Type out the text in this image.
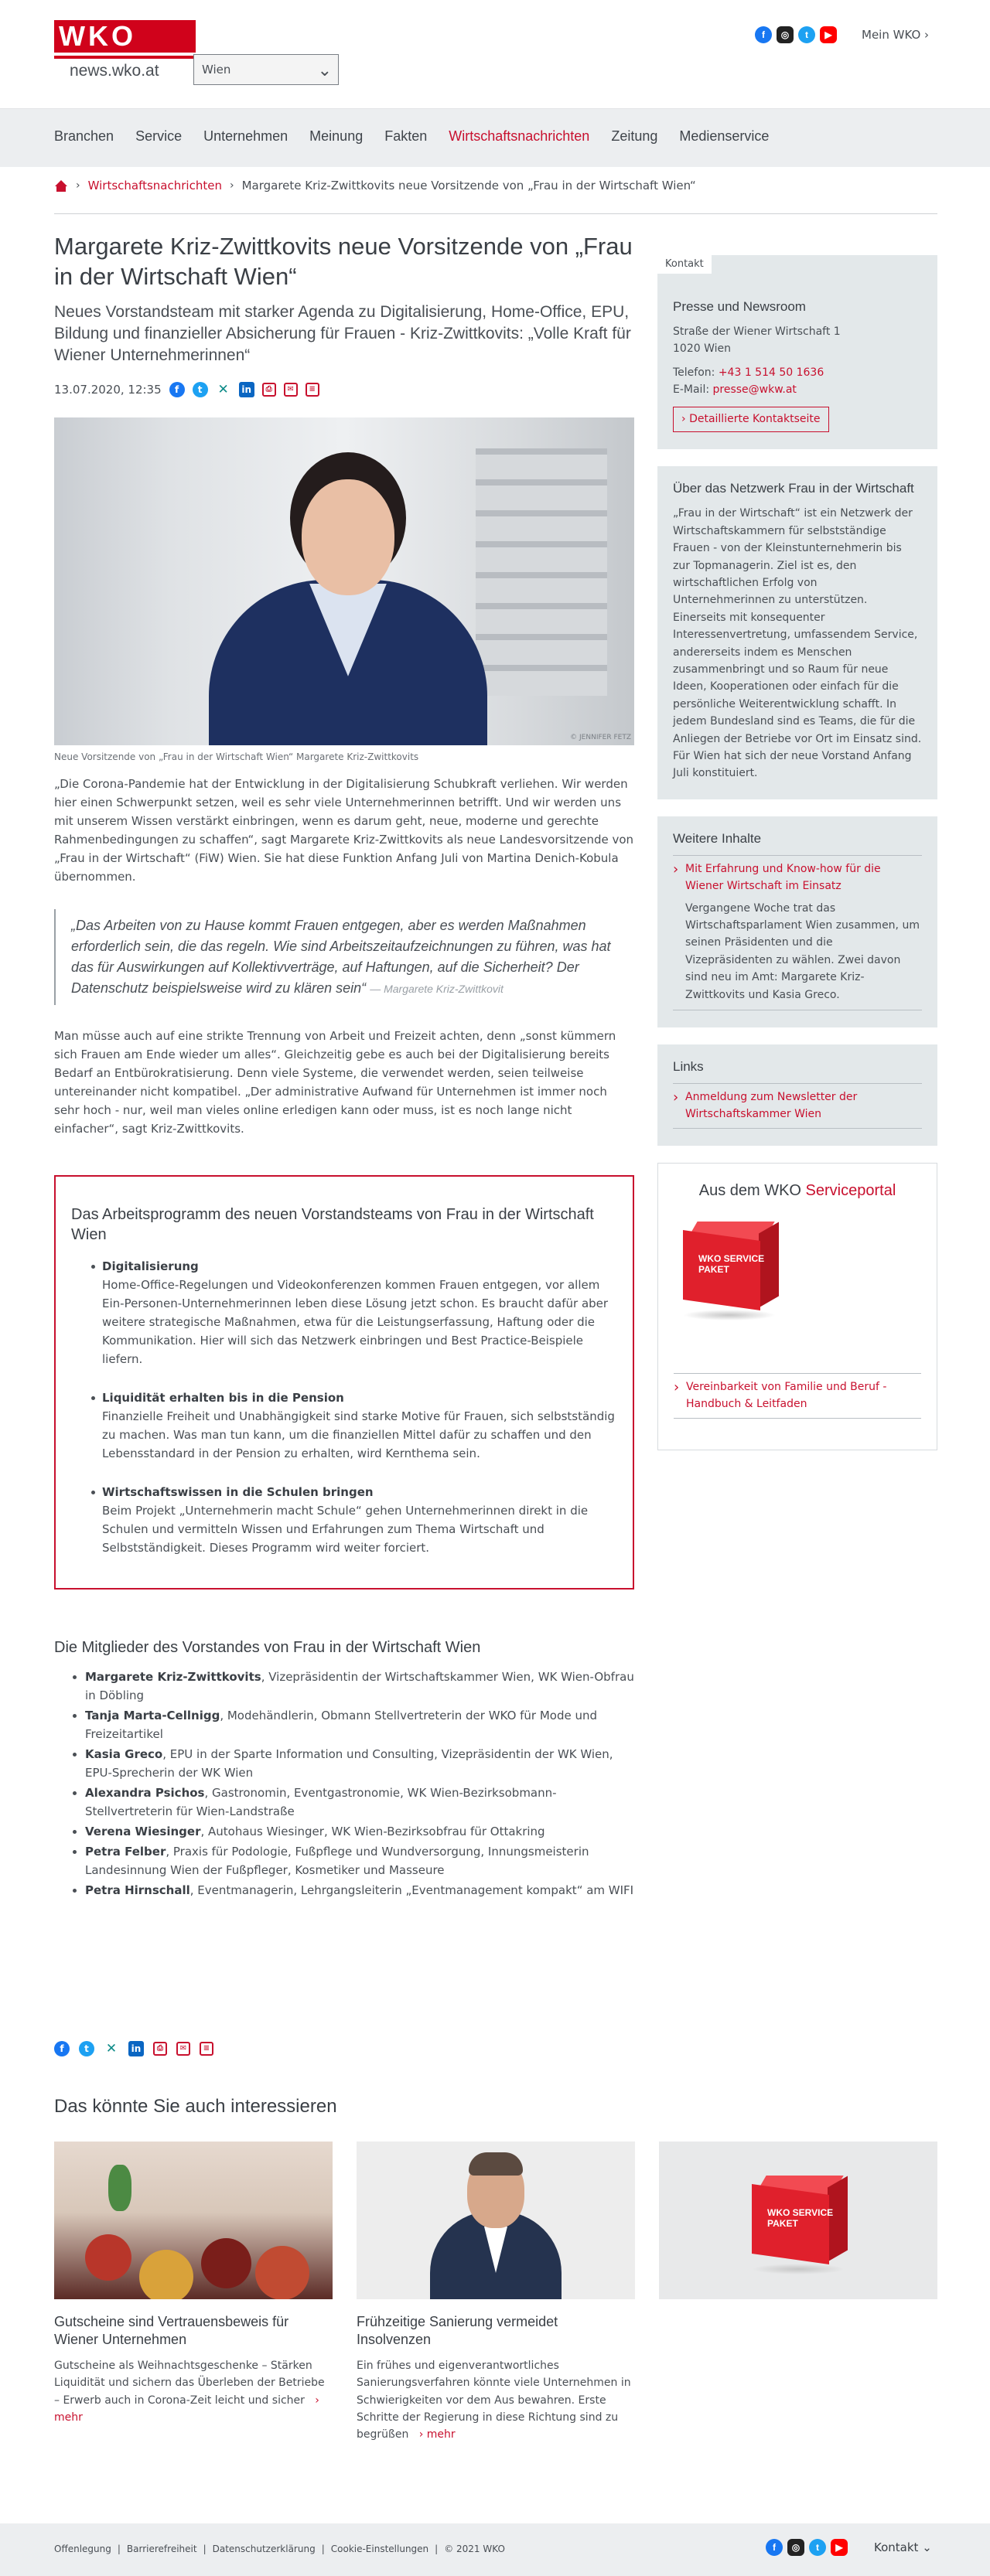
WKO
news.wko.at	Wien	⌄
f	◎	t	▶	Mein WKO ›
Branchen Service Unternehmen Meinung Fakten Wirtschaftsnachrichten Zeitung Medienservice
› Wirtschaftsnachrichten › Margarete Kriz-Zwittkovits neue Vorsitzende von „Frau in der Wirtschaft Wien“
Margarete Kriz-Zwittkovits neue Vorsitzende von „Frau in der Wirtschaft Wien“
Neues Vorstandsteam mit starker Agenda zu Digitalisierung, Home-Office, EPU, Bildung und finanzieller Absicherung für Frauen - Kriz-Zwittkovits: „Volle Kraft für Wiener Unternehmerinnen“
13.07.2020, 12:35	f	t	✕	in	⎙	✉	≡
© JENNIFER FETZ
Neue Vorsitzende von „Frau in der Wirtschaft Wien“ Margarete Kriz-Zwittkovits

„Die Corona-Pandemie hat der Entwicklung in der Digitalisierung Schubkraft verliehen. Wir werden hier einen Schwerpunkt setzen, weil es sehr viele Unternehmerinnen betrifft. Und wir werden uns mit unserem Wissen verstärkt einbringen, wenn es darum geht, neue, moderne und gerechte Rahmenbedingungen zu schaffen“, sagt Margarete Kriz-Zwittkovits als neue Landesvorsitzende von „Frau in der Wirtschaft“ (FiW) Wien. Sie hat diese Funktion Anfang Juli von Martina Denich-Kobula übernommen.

„Das Arbeiten von zu Hause kommt Frauen entgegen, aber es werden Maßnahmen erforderlich sein, die das regeln. Wie sind Arbeitszeitaufzeichnungen zu führen, was hat das für Auswirkungen auf Kollektivverträge, auf Haftungen, auf die Sicherheit? Der Datenschutz beispielsweise wird zu klären sein“ — Margarete Kriz-Zwittkovit

Man müsse auch auf eine strikte Trennung von Arbeit und Freizeit achten, denn „sonst kümmern sich Frauen am Ende wieder um alles“. Gleichzeitig gebe es auch bei der Digitalisierung bereits Bedarf an Entbürokratisierung. Denn viele Systeme, die verwendet werden, seien teilweise untereinander nicht kompatibel. „Der administrative Aufwand für Unternehmen ist immer noch sehr hoch - nur, weil man vieles online erledigen kann oder muss, ist es noch lange nicht einfacher“, sagt Kriz-Zwittkovits.

Das Arbeitsprogramm des neuen Vorstandsteams von Frau in der Wirtschaft Wien
Digitalisierung
Home-Office-Regelungen und Videokonferenzen kommen Frauen entgegen, vor allem Ein-Personen-Unternehmerinnen leben diese Lösung jetzt schon. Es braucht dafür aber weitere strategische Maßnahmen, etwa für die Leistungserfassung, Haftung oder die Kommunikation. Hier will sich das Netzwerk einbringen und Best Practice-Beispiele liefern.
Liquidität erhalten bis in die Pension
Finanzielle Freiheit und Unabhängigkeit sind starke Motive für Frauen, sich selbstständig zu machen. Was man tun kann, um die finanziellen Mittel dafür zu schaffen und den Lebensstandard in der Pension zu erhalten, wird Kernthema sein.
Wirtschaftswissen in die Schulen bringen
Beim Projekt „Unternehmerin macht Schule“ gehen Unternehmerinnen direkt in die Schulen und vermitteln Wissen und Erfahrungen zum Thema Wirtschaft und Selbstständigkeit. Dieses Programm wird weiter forciert.
Die Mitglieder des Vorstandes von Frau in der Wirtschaft Wien
• Margarete Kriz-Zwittkovits, Vizepräsidentin der Wirtschaftskammer Wien, WK Wien-Obfrau in Döbling
• Tanja Marta-Cellnigg, Modehändlerin, Obmann Stellvertreterin der WKO für Mode und Freizeitartikel
• Kasia Greco, EPU in der Sparte Information und Consulting, Vizepräsidentin der WK Wien, EPU-Sprecherin der WK Wien
• Alexandra Psichos, Gastronomin, Eventgastronomie, WK Wien-Bezirksobmann-Stellvertreterin für Wien-Landstraße
• Verena Wiesinger, Autohaus Wiesinger, WK Wien-Bezirksobfrau für Ottakring
• Petra Felber, Praxis für Podologie, Fußpflege und Wundversorgung, Innungsmeisterin Landesinnung Wien der Fußpfleger, Kosmetiker und Masseure
• Petra Hirnschall, Eventmanagerin, Lehrgangsleiterin „Eventmanagement kompakt“ am WIFI
Kontakt
Presse und Newsroom

Straße der Wiener Wirtschaft 1

1020 Wien

Telefon: +43 1 514 50 1636

E-Mail: presse@wkw.at

› Detaillierte Kontaktseite
Über das Netzwerk Frau in der Wirtschaft

„Frau in der Wirtschaft“ ist ein Netzwerk der Wirtschaftskammern für selbstständige Frauen - von der Kleinstunternehmerin bis zur Topmanagerin. Ziel ist es, den wirtschaftlichen Erfolg von Unternehmerinnen zu unterstützen. Einerseits mit konsequenter Interessenvertretung, umfassendem Service, andererseits indem es Menschen zusammenbringt und so Raum für neue Ideen, Kooperationen oder einfach für die persönliche Weiterentwicklung schafft. In jedem Bundesland sind es Teams, die für die Anliegen der Betriebe vor Ort im Einsatz sind. Für Wien hat sich der neue Vorstand Anfang Juli konstituiert.

Weitere Inhalte
› Mit Erfahrung und Know-how für die Wiener Wirtschaft im Einsatz

Vergangene Woche trat das Wirtschaftsparlament Wien zusammen, um seinen Präsidenten und die Vizepräsidenten zu wählen. Zwei davon sind neu im Amt: Margarete Kriz-Zwittkovits und Kasia Greco.

Links
› Anmeldung zum Newsletter der Wirtschaftskammer Wien
Aus dem WKO Serviceportal
WKO SERVICE PAKET
› Vereinbarkeit von Familie und Beruf - Handbuch & Leitfaden
f	t	✕	in	⎙	✉	≡
Das könnte Sie auch interessieren
Gutscheine sind Vertrauensbeweis für Wiener Unternehmen

Gutscheine als Weihnachtsgeschenke – Stärken Liquidität und sichern das Überleben der Betriebe – Erwerb auch in Corona-Zeit leicht und sicher › mehr

Frühzeitige Sanierung vermeidet Insolvenzen

Ein frühes und eigenverantwortliches Sanierungsverfahren könnte viele Unternehmen in Schwierigkeiten vor dem Aus bewahren. Erste Schritte der Regierung in diese Richtung sind zu begrüßen › mehr

WKO SERVICE PAKET
Offenlegung | Barrierefreiheit | Datenschutzerklärung | Cookie-Einstellungen | © 2021 WKO	f	◎	t	▶	Kontakt ⌄
